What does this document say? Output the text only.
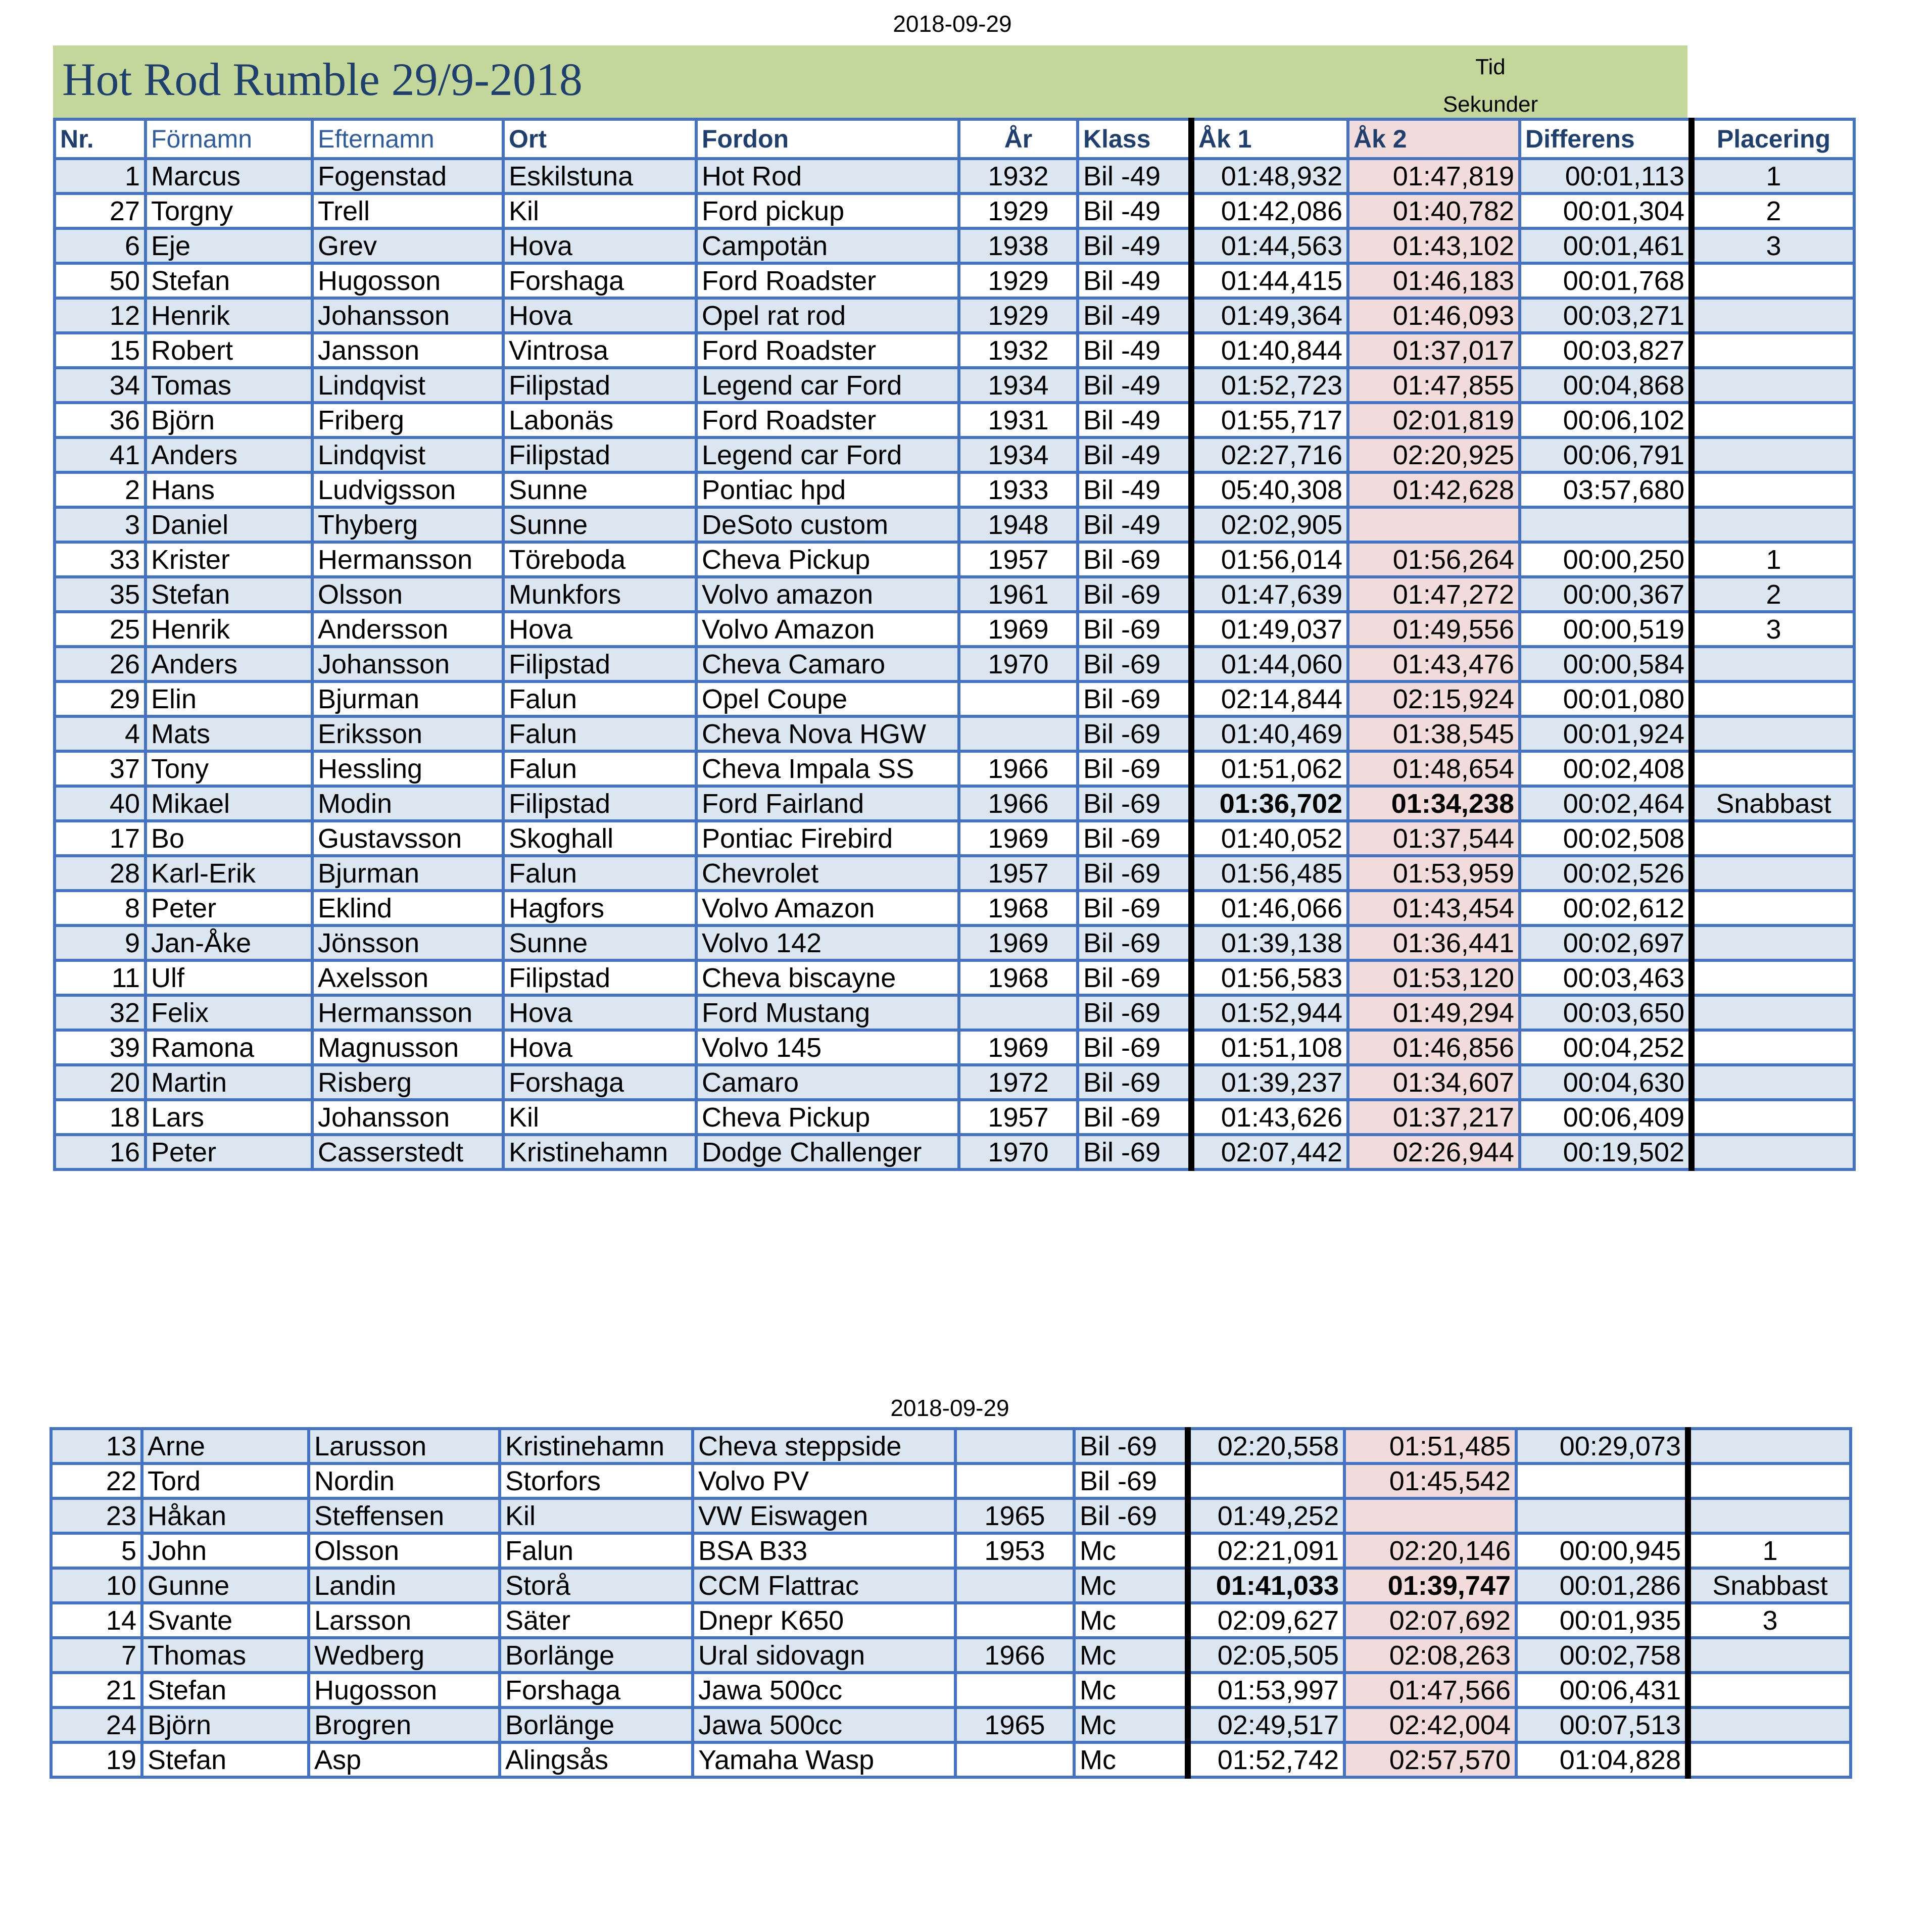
2018-09-29
Hot Rod Rumble 29/9-2018	Tid
Sekunder
Nr.	Förnamn	Efternamn	Ort	Fordon	År	Klass	Åk 1	Åk 2	Differens	Placering
1	Marcus	Fogenstad	Eskilstuna	Hot Rod	1932	Bil -49	01:48,932	01:47,819	00:01,113	1
27	Torgny	Trell	Kil	Ford pickup	1929	Bil -49	01:42,086	01:40,782	00:01,304	2
6	Eje	Grev	Hova	Campotän	1938	Bil -49	01:44,563	01:43,102	00:01,461	3
50	Stefan	Hugosson	Forshaga	Ford Roadster	1929	Bil -49	01:44,415	01:46,183	00:01,768	
12	Henrik	Johansson	Hova	Opel rat rod	1929	Bil -49	01:49,364	01:46,093	00:03,271	
15	Robert	Jansson	Vintrosa	Ford Roadster	1932	Bil -49	01:40,844	01:37,017	00:03,827	
34	Tomas	Lindqvist	Filipstad	Legend car Ford	1934	Bil -49	01:52,723	01:47,855	00:04,868	
36	Björn	Friberg	Labonäs	Ford Roadster	1931	Bil -49	01:55,717	02:01,819	00:06,102	
41	Anders	Lindqvist	Filipstad	Legend car Ford	1934	Bil -49	02:27,716	02:20,925	00:06,791	
2	Hans	Ludvigsson	Sunne	Pontiac hpd	1933	Bil -49	05:40,308	01:42,628	03:57,680	
3	Daniel	Thyberg	Sunne	DeSoto custom	1948	Bil -49	02:02,905			
33	Krister	Hermansson	Töreboda	Cheva Pickup	1957	Bil -69	01:56,014	01:56,264	00:00,250	1
35	Stefan	Olsson	Munkfors	Volvo amazon	1961	Bil -69	01:47,639	01:47,272	00:00,367	2
25	Henrik	Andersson	Hova	Volvo Amazon	1969	Bil -69	01:49,037	01:49,556	00:00,519	3
26	Anders	Johansson	Filipstad	Cheva Camaro	1970	Bil -69	01:44,060	01:43,476	00:00,584	
29	Elin	Bjurman	Falun	Opel Coupe		Bil -69	02:14,844	02:15,924	00:01,080	
4	Mats	Eriksson	Falun	Cheva Nova HGW		Bil -69	01:40,469	01:38,545	00:01,924	
37	Tony	Hessling	Falun	Cheva Impala SS	1966	Bil -69	01:51,062	01:48,654	00:02,408	
40	Mikael	Modin	Filipstad	Ford Fairland	1966	Bil -69	01:36,702	01:34,238	00:02,464	Snabbast
17	Bo	Gustavsson	Skoghall	Pontiac Firebird	1969	Bil -69	01:40,052	01:37,544	00:02,508	
28	Karl-Erik	Bjurman	Falun	Chevrolet	1957	Bil -69	01:56,485	01:53,959	00:02,526	
8	Peter	Eklind	Hagfors	Volvo Amazon	1968	Bil -69	01:46,066	01:43,454	00:02,612	
9	Jan-Åke	Jönsson	Sunne	Volvo 142	1969	Bil -69	01:39,138	01:36,441	00:02,697	
11	Ulf	Axelsson	Filipstad	Cheva biscayne	1968	Bil -69	01:56,583	01:53,120	00:03,463	
32	Felix	Hermansson	Hova	Ford Mustang		Bil -69	01:52,944	01:49,294	00:03,650	
39	Ramona	Magnusson	Hova	Volvo 145	1969	Bil -69	01:51,108	01:46,856	00:04,252	
20	Martin	Risberg	Forshaga	Camaro	1972	Bil -69	01:39,237	01:34,607	00:04,630	
18	Lars	Johansson	Kil	Cheva Pickup	1957	Bil -69	01:43,626	01:37,217	00:06,409	
16	Peter	Casserstedt	Kristinehamn	Dodge Challenger	1970	Bil -69	02:07,442	02:26,944	00:19,502	
2018-09-29
13	Arne	Larusson	Kristinehamn	Cheva steppside		Bil -69	02:20,558	01:51,485	00:29,073	
22	Tord	Nordin	Storfors	Volvo PV		Bil -69		01:45,542		
23	Håkan	Steffensen	Kil	VW Eiswagen	1965	Bil -69	01:49,252			
5	John	Olsson	Falun	BSA B33	1953	Mc	02:21,091	02:20,146	00:00,945	1
10	Gunne	Landin	Storå	CCM Flattrac		Mc	01:41,033	01:39,747	00:01,286	Snabbast
14	Svante	Larsson	Säter	Dnepr K650		Mc	02:09,627	02:07,692	00:01,935	3
7	Thomas	Wedberg	Borlänge	Ural sidovagn	1966	Mc	02:05,505	02:08,263	00:02,758	
21	Stefan	Hugosson	Forshaga	Jawa 500cc		Mc	01:53,997	01:47,566	00:06,431	
24	Björn	Brogren	Borlänge	Jawa 500cc	1965	Mc	02:49,517	02:42,004	00:07,513	
19	Stefan	Asp	Alingsås	Yamaha Wasp		Mc	01:52,742	02:57,570	01:04,828	
